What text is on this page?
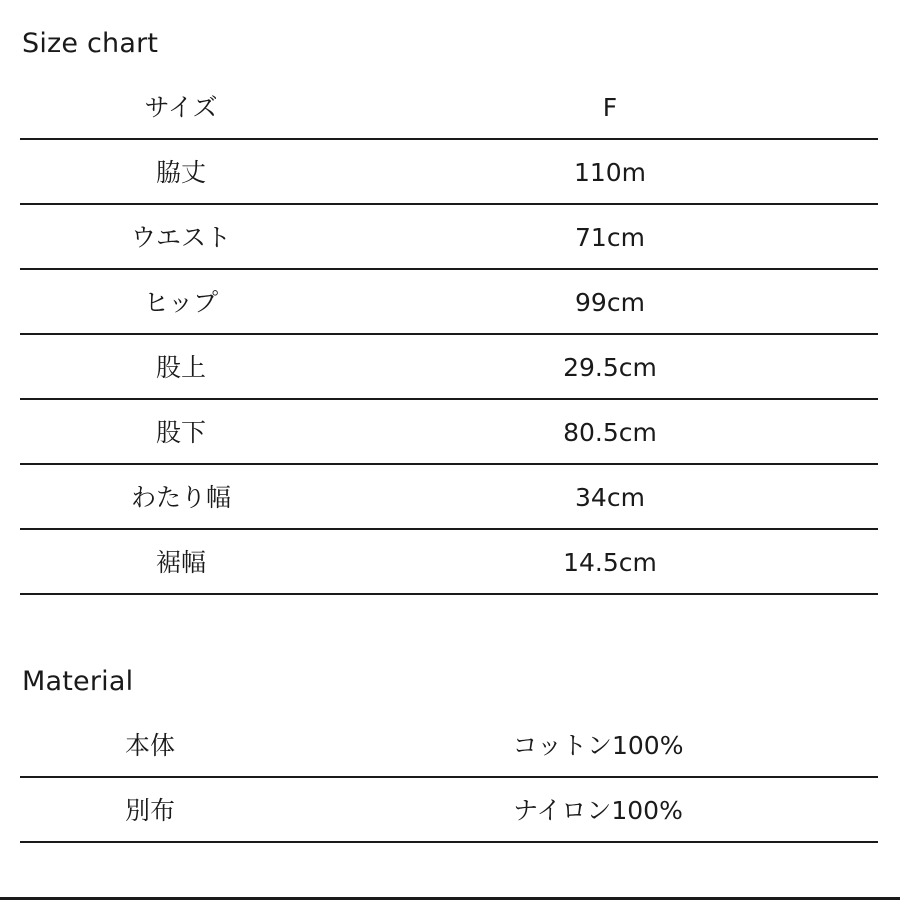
Size chart
サイズ	F
脇丈	110m
ウエスト	71cm
ヒップ	99cm
股上	29.5cm
股下	80.5cm
わたり幅	34cm
裾幅	14.5cm
Material
本体	コットン100%
別布	ナイロン100%
